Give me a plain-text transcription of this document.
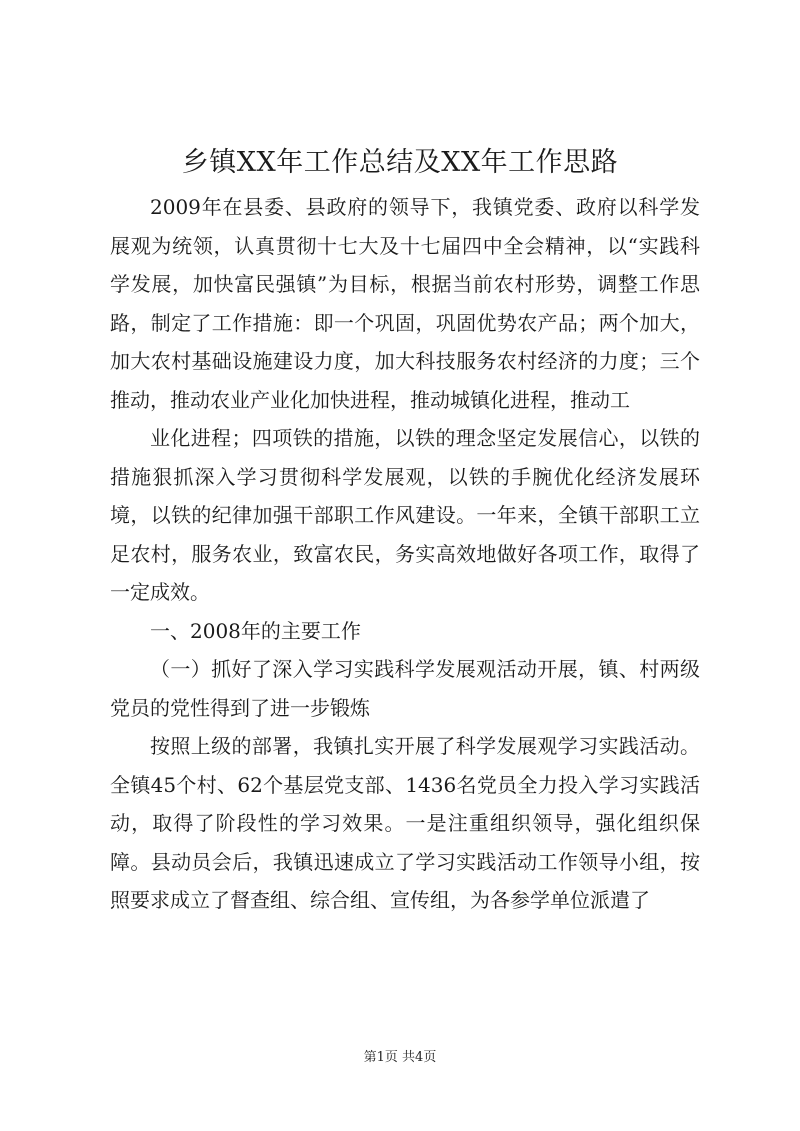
乡镇XX年工作总结及XX年工作思路

2009年在县委、县政府的领导下，我镇党委、政府以科学发展观为统领，认真贯彻十七大及十七届四中全会精神，以“实践科学发展，加快富民强镇”为目标，根据当前农村形势，调整工作思路，制定了工作措施：即一个巩固，巩固优势农产品；两个加大，加大农村基础设施建设力度，加大科技服务农村经济的力度；三个推动，推动农业产业化加快进程，推动城镇化进程，推动工

业化进程；四项铁的措施，以铁的理念坚定发展信心，以铁的措施狠抓深入学习贯彻科学发展观，以铁的手腕优化经济发展环境，以铁的纪律加强干部职工作风建设。一年来，全镇干部职工立足农村，服务农业，致富农民，务实高效地做好各项工作，取得了一定成效。

一、2008年的主要工作

（一）抓好了深入学习实践科学发展观活动开展，镇、村两级党员的党性得到了进一步锻炼

按照上级的部署，我镇扎实开展了科学发展观学习实践活动。全镇45个村、62个基层党支部、1436名党员全力投入学习实践活动，取得了阶段性的学习效果。一是注重组织领导，强化组织保障。县动员会后，我镇迅速成立了学习实践活动工作领导小组，按照要求成立了督查组、综合组、宣传组，为各参学单位派遣了

第1页 共4页
